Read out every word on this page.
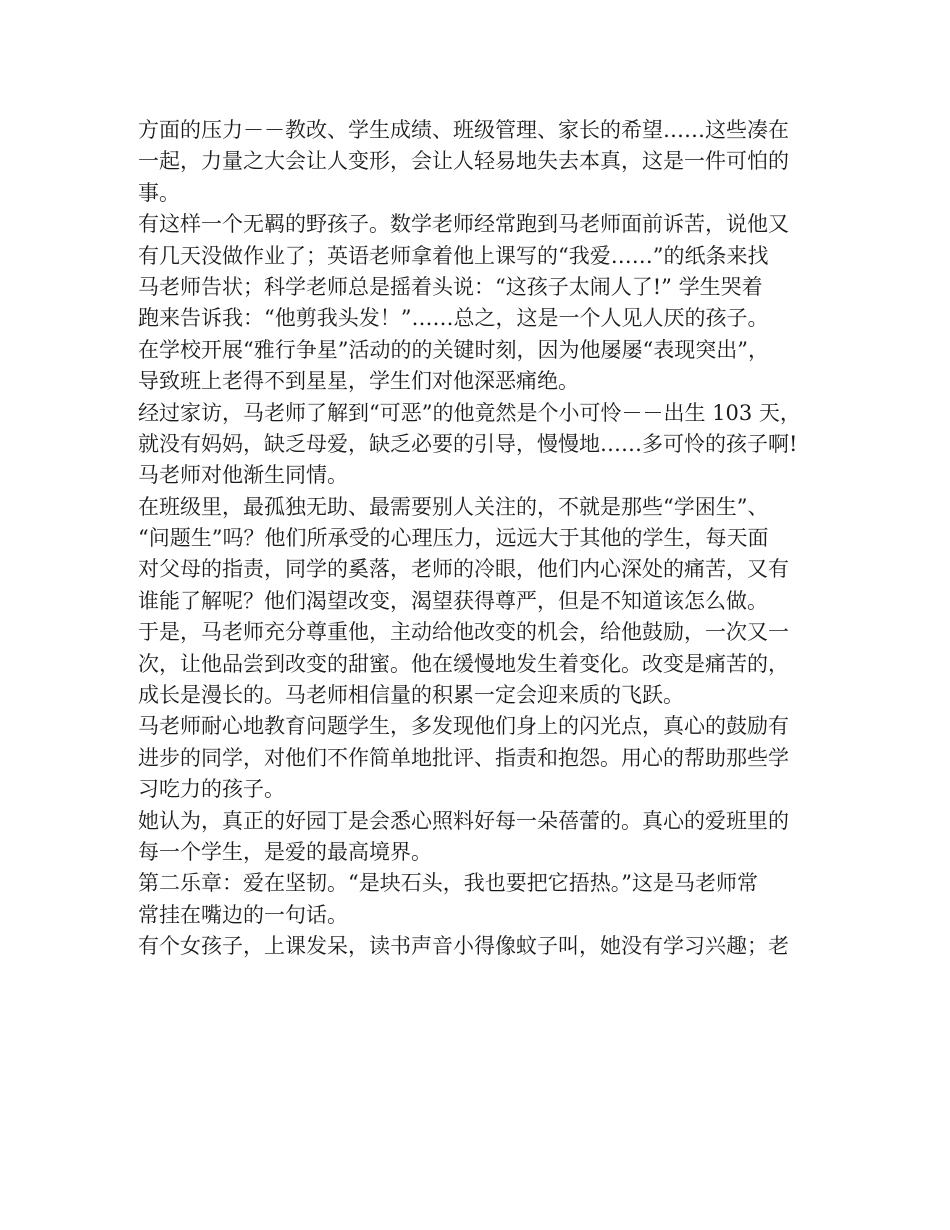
方面的压力－－教改、学生成绩、班级管理、家长的希望……这些凑在
一起，力量之大会让人变形，会让人轻易地失去本真，这是一件可怕的
事。
有这样一个无羁的野孩子。数学老师经常跑到马老师面前诉苦，说他又
有几天没做作业了；英语老师拿着他上课写的“我爱……”的纸条来找
马老师告状；科学老师总是摇着头说：“这孩子太闹人了!” 学生哭着
跑来告诉我：“他剪我头发！”……总之，这是一个人见人厌的孩子。
在学校开展“雅行争星”活动的的关键时刻，因为他屡屡“表现突出”，
导致班上老得不到星星，学生们对他深恶痛绝。
经过家访，马老师了解到“可恶”的他竟然是个小可怜－－出生 103 天，
就没有妈妈，缺乏母爱，缺乏必要的引导，慢慢地……多可怜的孩子啊!
马老师对他渐生同情。
在班级里，最孤独无助、最需要别人关注的，不就是那些“学困生”、
“问题生”吗？他们所承受的心理压力，远远大于其他的学生，每天面
对父母的指责，同学的奚落，老师的冷眼，他们内心深处的痛苦，又有
谁能了解呢？他们渴望改变，渴望获得尊严，但是不知道该怎么做。
于是，马老师充分尊重他，主动给他改变的机会，给他鼓励，一次又一
次，让他品尝到改变的甜蜜。他在缓慢地发生着变化。改变是痛苦的，
成长是漫长的。马老师相信量的积累一定会迎来质的飞跃。
马老师耐心地教育问题学生，多发现他们身上的闪光点，真心的鼓励有
进步的同学，对他们不作简单地批评、指责和抱怨。用心的帮助那些学
习吃力的孩子。
她认为，真正的好园丁是会悉心照料好每一朵蓓蕾的。真心的爱班里的
每一个学生，是爱的最高境界。
第二乐章：爱在坚韧。“是块石头，我也要把它捂热。”这是马老师常
常挂在嘴边的一句话。
有个女孩子，上课发呆，读书声音小得像蚊子叫，她没有学习兴趣；老
